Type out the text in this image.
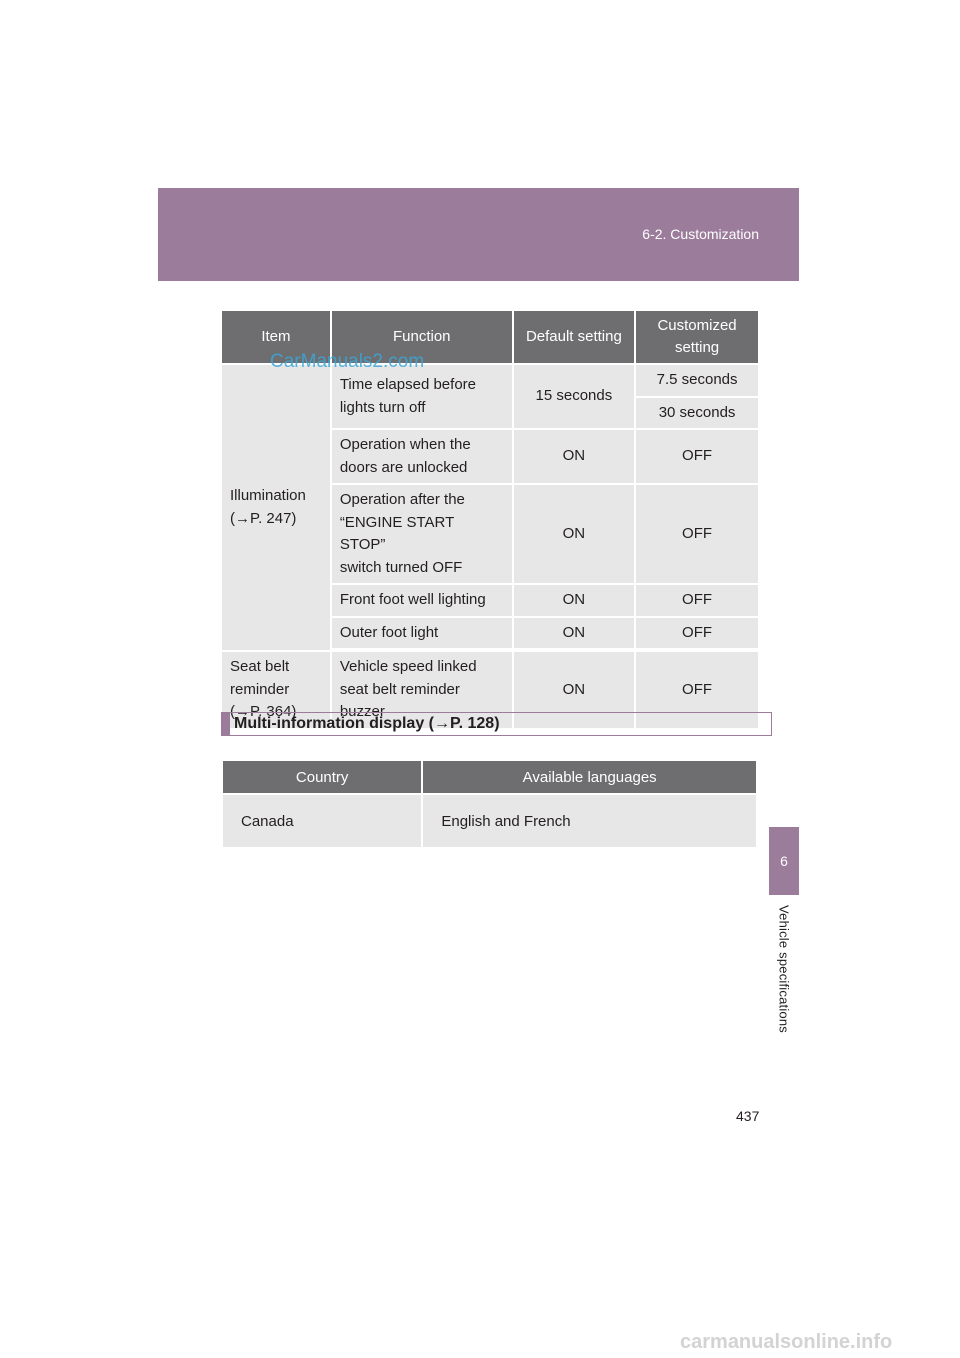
6-2. Customization
6
Vehicle specifications
Item	Function	Default setting	Customized setting

Illumination
(→P. 247)	Time elapsed before lights turn off	15 seconds	7.5 seconds
			30 seconds
	Operation when the doors are unlocked	ON	OFF

	Operation after the
“ENGINE START STOP”
switch turned OFF	ON	OFF
	Front foot well lighting	ON	OFF
	Outer foot light	ON	OFF

Seat belt
reminder
(→P. 364)	Vehicle speed linked seat belt reminder buzzer	ON	OFF
Multi-information display (→P. 128)
Country	Available languages
Canada	English and French
437
CarManuals2.com
carmanualsonline.info
